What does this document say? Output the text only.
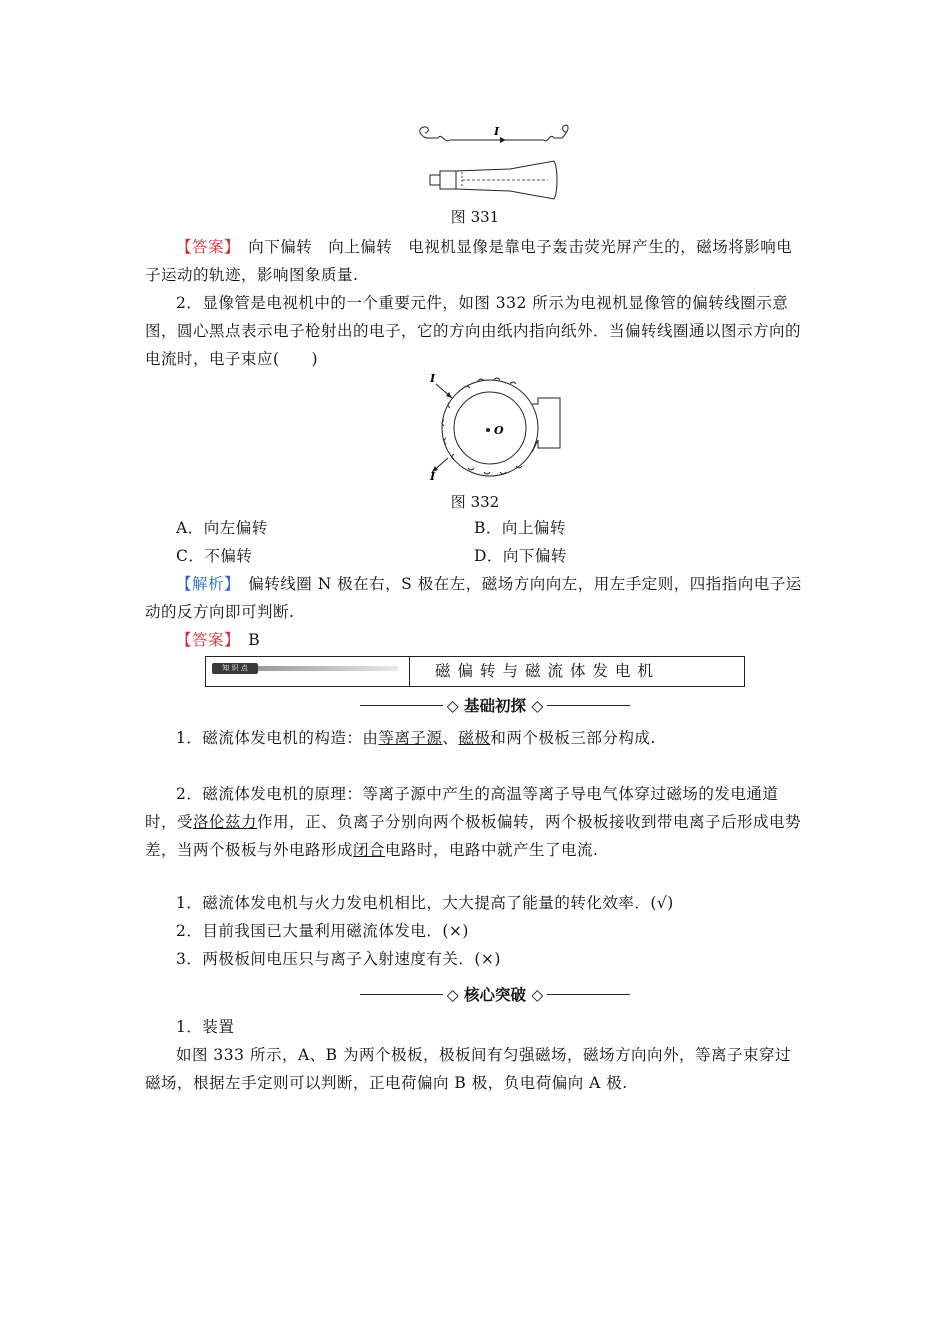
I
图 331
【答案】　向下偏转　向上偏转　电视机显像是靠电子轰击荧光屏产生的，磁场将影响电子运动的轨迹，影响图象质量.
2．显像管是电视机中的一个重要元件，如图 332 所示为电视机显像管的偏转线圈示意图，圆心黑点表示电子枪射出的电子，它的方向由纸内指向纸外．当偏转线圈通以图示方向的电流时，电子束应(　　)
I
I
O
图 332
A．向左偏转	B．向上偏转
C．不偏转	D．向下偏转
【解析】　偏转线圈 N 极在右，S 极在左，磁场方向向左，用左手定则，四指指向电子运动的反方向即可判断.
【答案】　B
知 识 点	磁偏转与磁流体发电机
◇ 基础初探 ◇
1．磁流体发电机的构造：由等离子源、磁极和两个极板三部分构成.
2．磁流体发电机的原理：等离子源中产生的高温等离子导电气体穿过磁场的发电通道时，受洛伦兹力作用，正、负离子分别向两个极板偏转，两个极板接收到带电离子后形成电势差，当两个极板与外电路形成闭合电路时，电路中就产生了电流.
1．磁流体发电机与火力发电机相比，大大提高了能量的转化效率．(√)
2．目前我国已大量利用磁流体发电．(×)
3．两极板间电压只与离子入射速度有关．(×)
◇ 核心突破 ◇
1．装置
如图 333 所示，A、B 为两个极板，极板间有匀强磁场，磁场方向向外，等离子束穿过磁场，根据左手定则可以判断，正电荷偏向 B 极，负电荷偏向 A 极.
